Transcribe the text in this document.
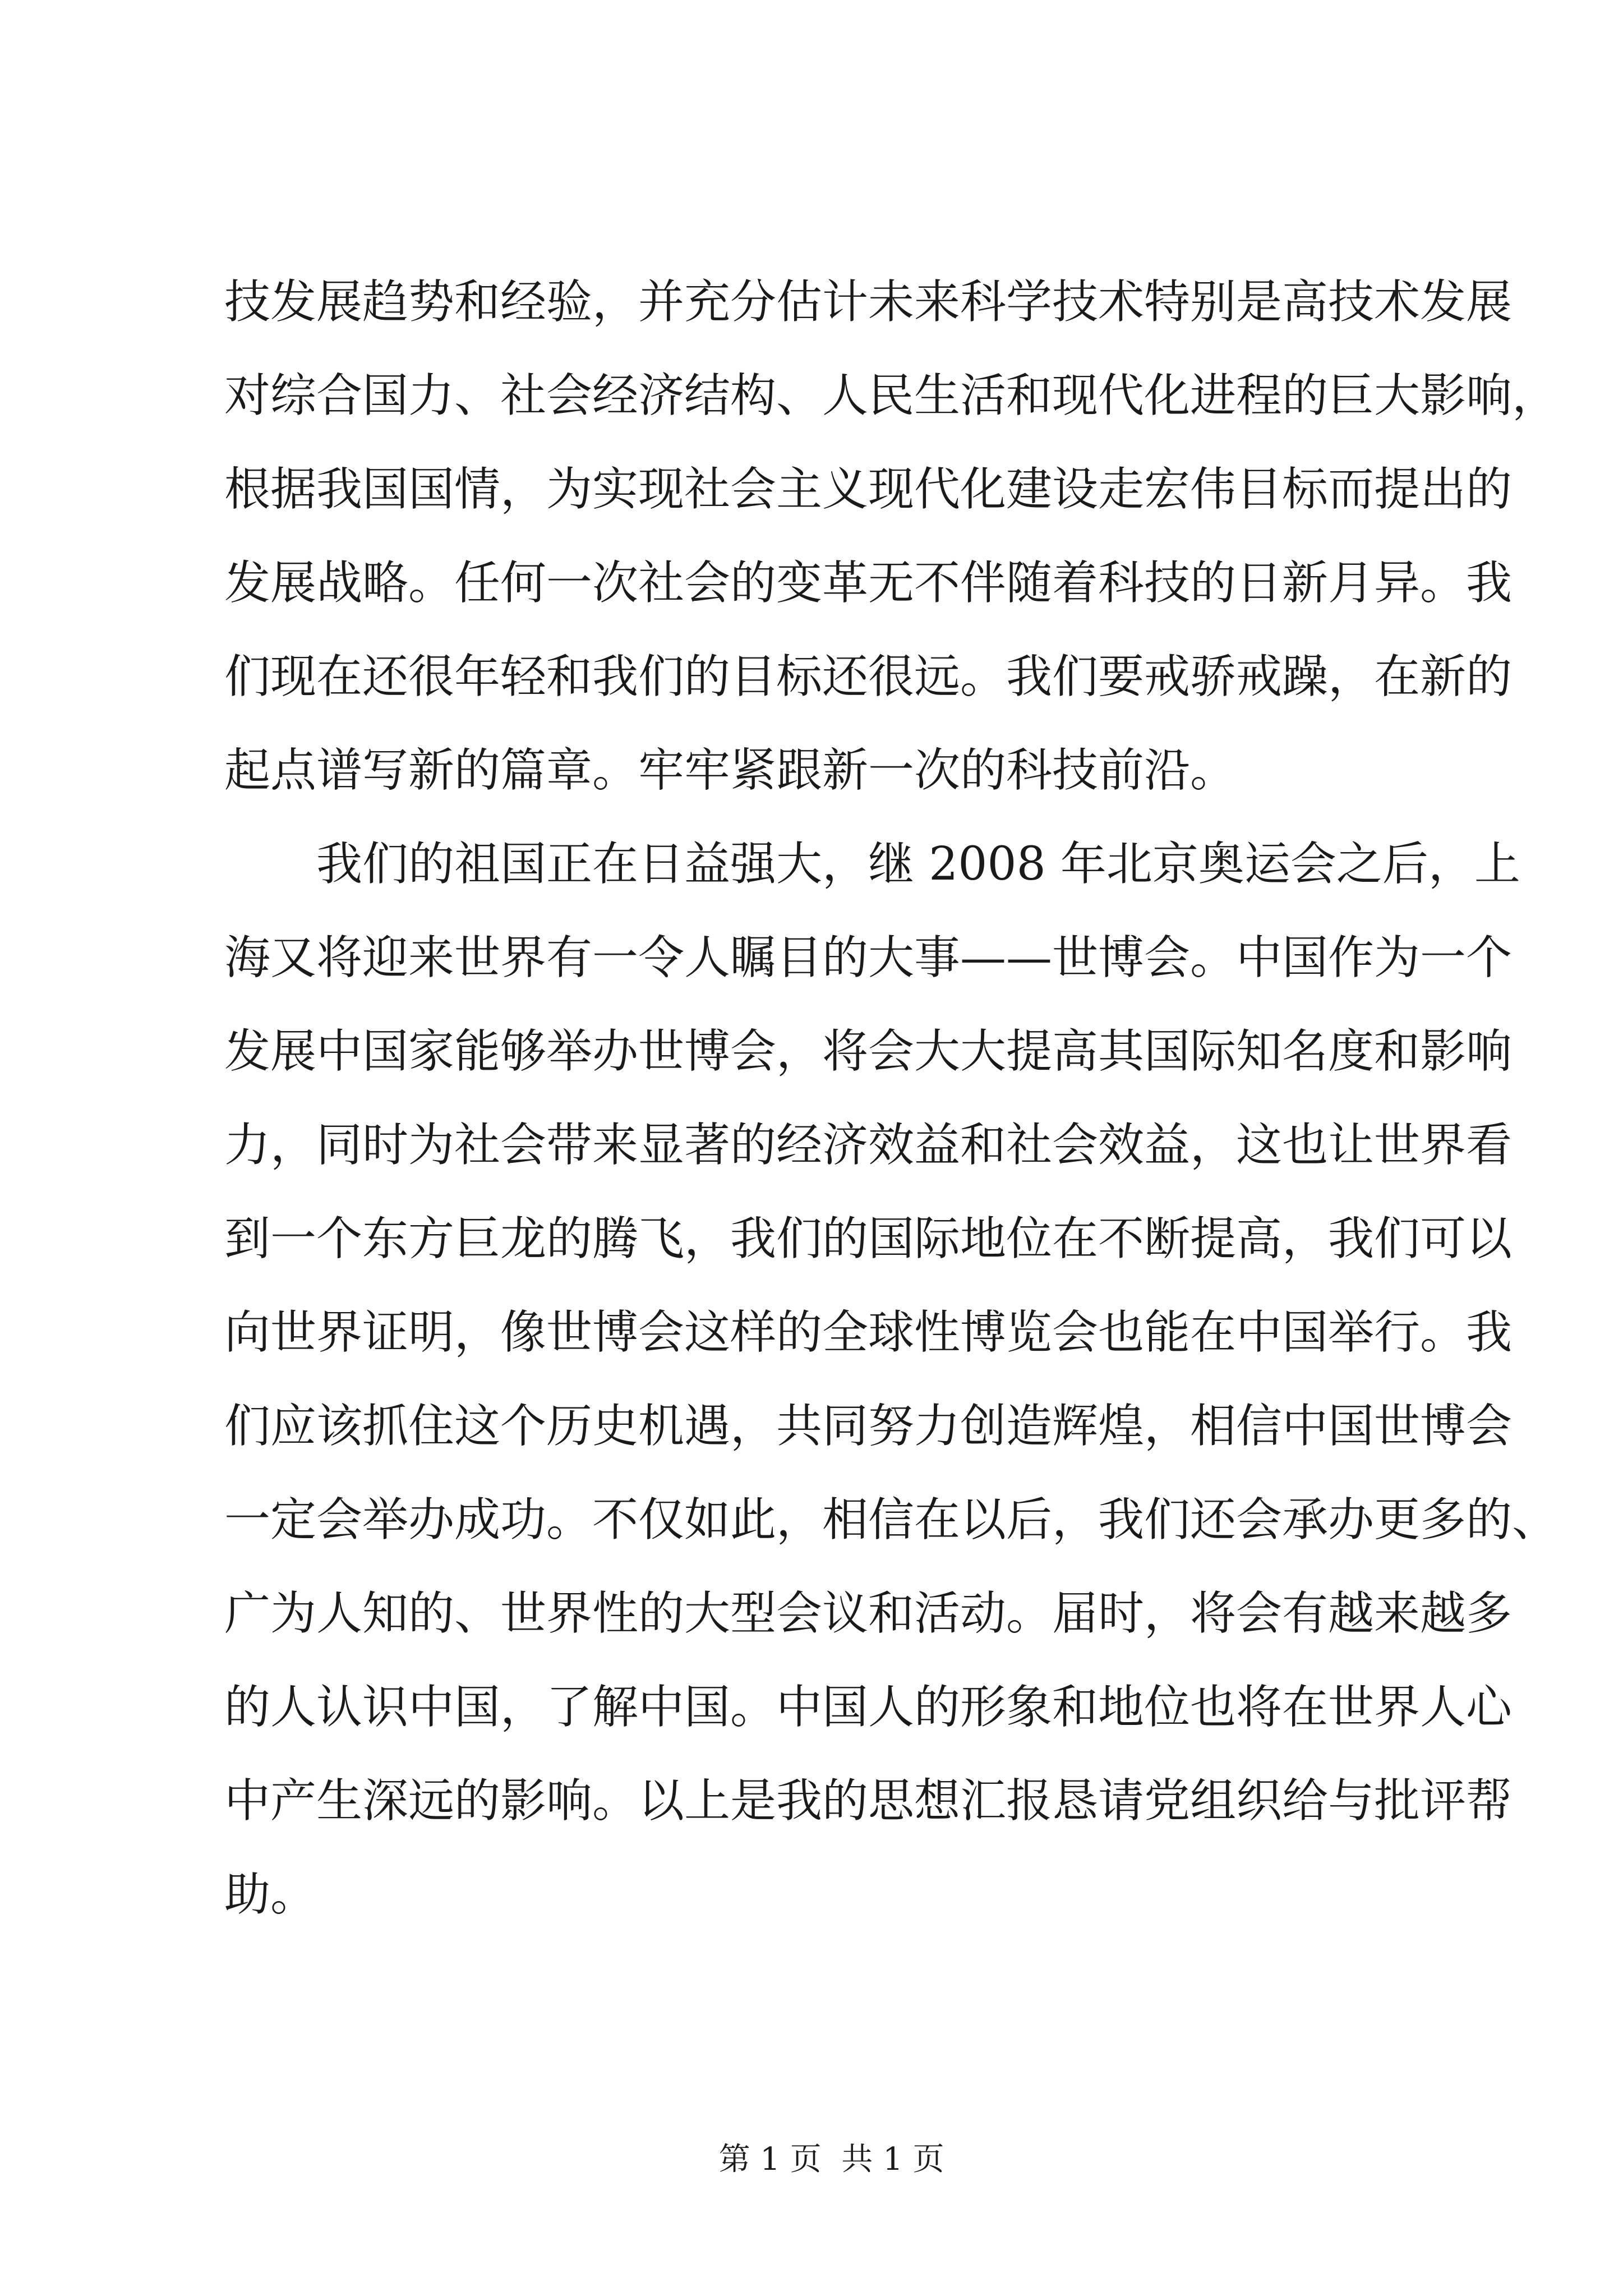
技发展趋势和经验，并充分估计未来科学技术特别是高技术发展
对综合国力、社会经济结构、人民生活和现代化进程的巨大影响，
根据我国国情，为实现社会主义现代化建设走宏伟目标而提出的
发展战略。任何一次社会的变革无不伴随着科技的日新月异。我
们现在还很年轻和我们的目标还很远。我们要戒骄戒躁，在新的
起点谱写新的篇章。牢牢紧跟新一次的科技前沿。
我们的祖国正在日益强大，继 2008 年北京奥运会之后，上
海又将迎来世界有一令人瞩目的大事——世博会。中国作为一个
发展中国家能够举办世博会，将会大大提高其国际知名度和影响
力，同时为社会带来显著的经济效益和社会效益，这也让世界看
到一个东方巨龙的腾飞，我们的国际地位在不断提高，我们可以
向世界证明，像世博会这样的全球性博览会也能在中国举行。我
们应该抓住这个历史机遇，共同努力创造辉煌，相信中国世博会
一定会举办成功。不仅如此，相信在以后，我们还会承办更多的、
广为人知的、世界性的大型会议和活动。届时，将会有越来越多
的人认识中国，了解中国。中国人的形象和地位也将在世界人心
中产生深远的影响。以上是我的思想汇报恳请党组织给与批评帮
助。

第 1 页  共 1 页
